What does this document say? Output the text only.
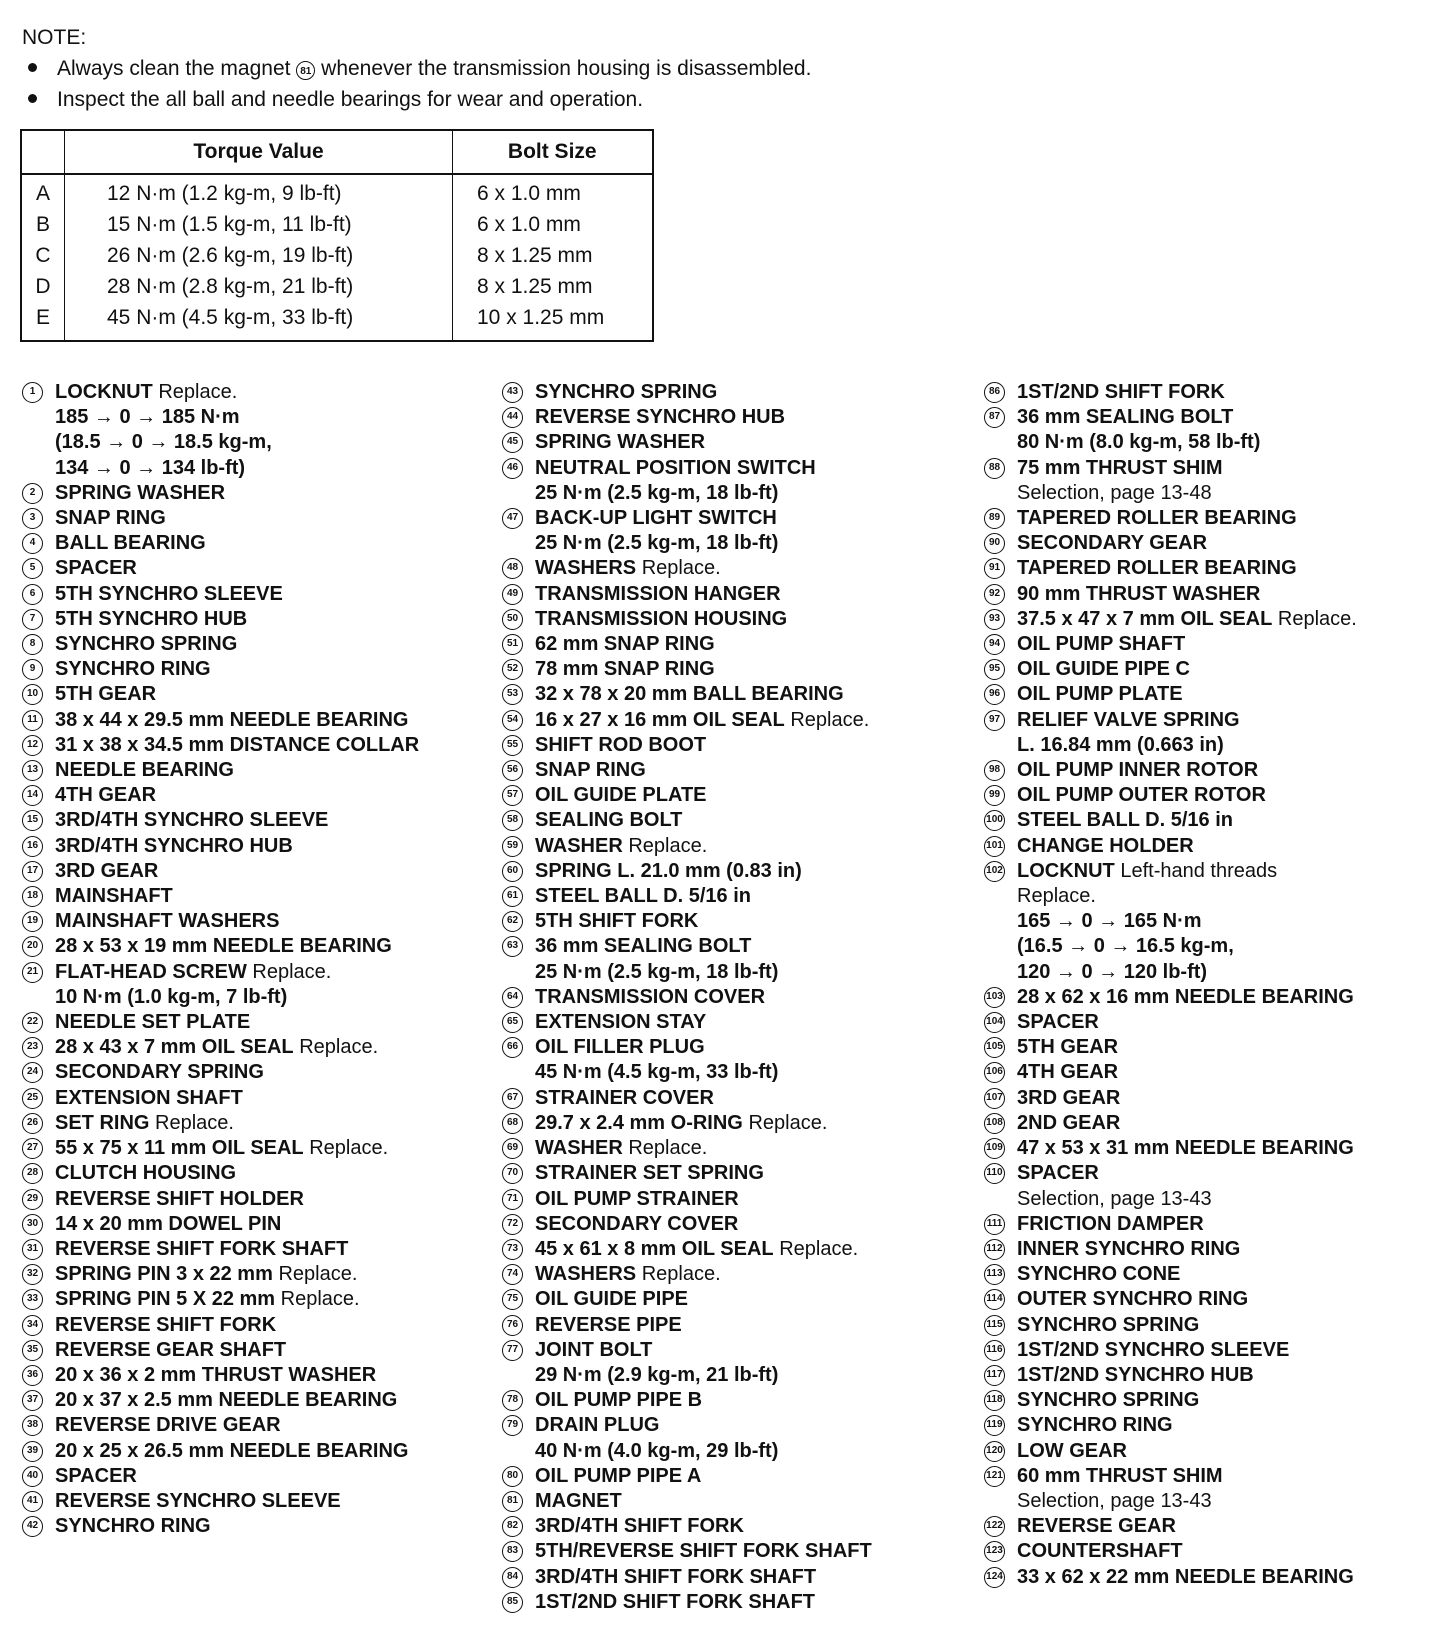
NOTE:
Always clean the magnet 81 whenever the transmission housing is disassembled.
Inspect the all ball and needle bearings for wear and operation.
	Torque Value	Bolt Size
A	12 N·m (1.2 kg-m, 9 lb-ft)	6 x 1.0 mm
B	15 N·m (1.5 kg-m, 11 lb-ft)	6 x 1.0 mm
C	26 N·m (2.6 kg-m, 19 lb-ft)	8 x 1.25 mm
D	28 N·m (2.8 kg-m, 21 lb-ft)	8 x 1.25 mm
E	45 N·m (4.5 kg-m, 33 lb-ft)	10 x 1.25 mm
1 LOCKNUT Replace.
185 → 0 → 185 N·m
(18.5 → 0 → 18.5 kg-m,
134 → 0 → 134 lb-ft)
2 SPRING WASHER
3 SNAP RING
4 BALL BEARING
5 SPACER
6 5TH SYNCHRO SLEEVE
7 5TH SYNCHRO HUB
8 SYNCHRO SPRING
9 SYNCHRO RING
10 5TH GEAR
11 38 x 44 x 29.5 mm NEEDLE BEARING
12 31 x 38 x 34.5 mm DISTANCE COLLAR
13 NEEDLE BEARING
14 4TH GEAR
15 3RD/4TH SYNCHRO SLEEVE
16 3RD/4TH SYNCHRO HUB
17 3RD GEAR
18 MAINSHAFT
19 MAINSHAFT WASHERS
20 28 x 53 x 19 mm NEEDLE BEARING
21 FLAT-HEAD SCREW Replace.
10 N·m (1.0 kg-m, 7 lb-ft)
22 NEEDLE SET PLATE
23 28 x 43 x 7 mm OIL SEAL Replace.
24 SECONDARY SPRING
25 EXTENSION SHAFT
26 SET RING Replace.
27 55 x 75 x 11 mm OIL SEAL Replace.
28 CLUTCH HOUSING
29 REVERSE SHIFT HOLDER
30 14 x 20 mm DOWEL PIN
31 REVERSE SHIFT FORK SHAFT
32 SPRING PIN 3 x 22 mm Replace.
33 SPRING PIN 5 X 22 mm Replace.
34 REVERSE SHIFT FORK
35 REVERSE GEAR SHAFT
36 20 x 36 x 2 mm THRUST WASHER
37 20 x 37 x 2.5 mm NEEDLE BEARING
38 REVERSE DRIVE GEAR
39 20 x 25 x 26.5 mm NEEDLE BEARING
40 SPACER
41 REVERSE SYNCHRO SLEEVE
42 SYNCHRO RING
43 SYNCHRO SPRING
44 REVERSE SYNCHRO HUB
45 SPRING WASHER
46 NEUTRAL POSITION SWITCH
25 N·m (2.5 kg-m, 18 lb-ft)
47 BACK-UP LIGHT SWITCH
25 N·m (2.5 kg-m, 18 lb-ft)
48 WASHERS Replace.
49 TRANSMISSION HANGER
50 TRANSMISSION HOUSING
51 62 mm SNAP RING
52 78 mm SNAP RING
53 32 x 78 x 20 mm BALL BEARING
54 16 x 27 x 16 mm OIL SEAL Replace.
55 SHIFT ROD BOOT
56 SNAP RING
57 OIL GUIDE PLATE
58 SEALING BOLT
59 WASHER Replace.
60 SPRING L. 21.0 mm (0.83 in)
61 STEEL BALL D. 5/16 in
62 5TH SHIFT FORK
63 36 mm SEALING BOLT
25 N·m (2.5 kg-m, 18 lb-ft)
64 TRANSMISSION COVER
65 EXTENSION STAY
66 OIL FILLER PLUG
45 N·m (4.5 kg-m, 33 lb-ft)
67 STRAINER COVER
68 29.7 x 2.4 mm O-RING Replace.
69 WASHER Replace.
70 STRAINER SET SPRING
71 OIL PUMP STRAINER
72 SECONDARY COVER
73 45 x 61 x 8 mm OIL SEAL Replace.
74 WASHERS Replace.
75 OIL GUIDE PIPE
76 REVERSE PIPE
77 JOINT BOLT
29 N·m (2.9 kg-m, 21 lb-ft)
78 OIL PUMP PIPE B
79 DRAIN PLUG
40 N·m (4.0 kg-m, 29 lb-ft)
80 OIL PUMP PIPE A
81 MAGNET
82 3RD/4TH SHIFT FORK
83 5TH/REVERSE SHIFT FORK SHAFT
84 3RD/4TH SHIFT FORK SHAFT
85 1ST/2ND SHIFT FORK SHAFT
86 1ST/2ND SHIFT FORK
87 36 mm SEALING BOLT
80 N·m (8.0 kg-m, 58 lb-ft)
88 75 mm THRUST SHIM
Selection, page 13-48
89 TAPERED ROLLER BEARING
90 SECONDARY GEAR
91 TAPERED ROLLER BEARING
92 90 mm THRUST WASHER
93 37.5 x 47 x 7 mm OIL SEAL Replace.
94 OIL PUMP SHAFT
95 OIL GUIDE PIPE C
96 OIL PUMP PLATE
97 RELIEF VALVE SPRING
L. 16.84 mm (0.663 in)
98 OIL PUMP INNER ROTOR
99 OIL PUMP OUTER ROTOR
100 STEEL BALL D. 5/16 in
101 CHANGE HOLDER
102 LOCKNUT Left-hand threads
Replace.
165 → 0 → 165 N·m
(16.5 → 0 → 16.5 kg-m,
120 → 0 → 120 lb-ft)
103 28 x 62 x 16 mm NEEDLE BEARING
104 SPACER
105 5TH GEAR
106 4TH GEAR
107 3RD GEAR
108 2ND GEAR
109 47 x 53 x 31 mm NEEDLE BEARING
110 SPACER
Selection, page 13-43
111 FRICTION DAMPER
112 INNER SYNCHRO RING
113 SYNCHRO CONE
114 OUTER SYNCHRO RING
115 SYNCHRO SPRING
116 1ST/2ND SYNCHRO SLEEVE
117 1ST/2ND SYNCHRO HUB
118 SYNCHRO SPRING
119 SYNCHRO RING
120 LOW GEAR
121 60 mm THRUST SHIM
Selection, page 13-43
122 REVERSE GEAR
123 COUNTERSHAFT
124 33 x 62 x 22 mm NEEDLE BEARING
